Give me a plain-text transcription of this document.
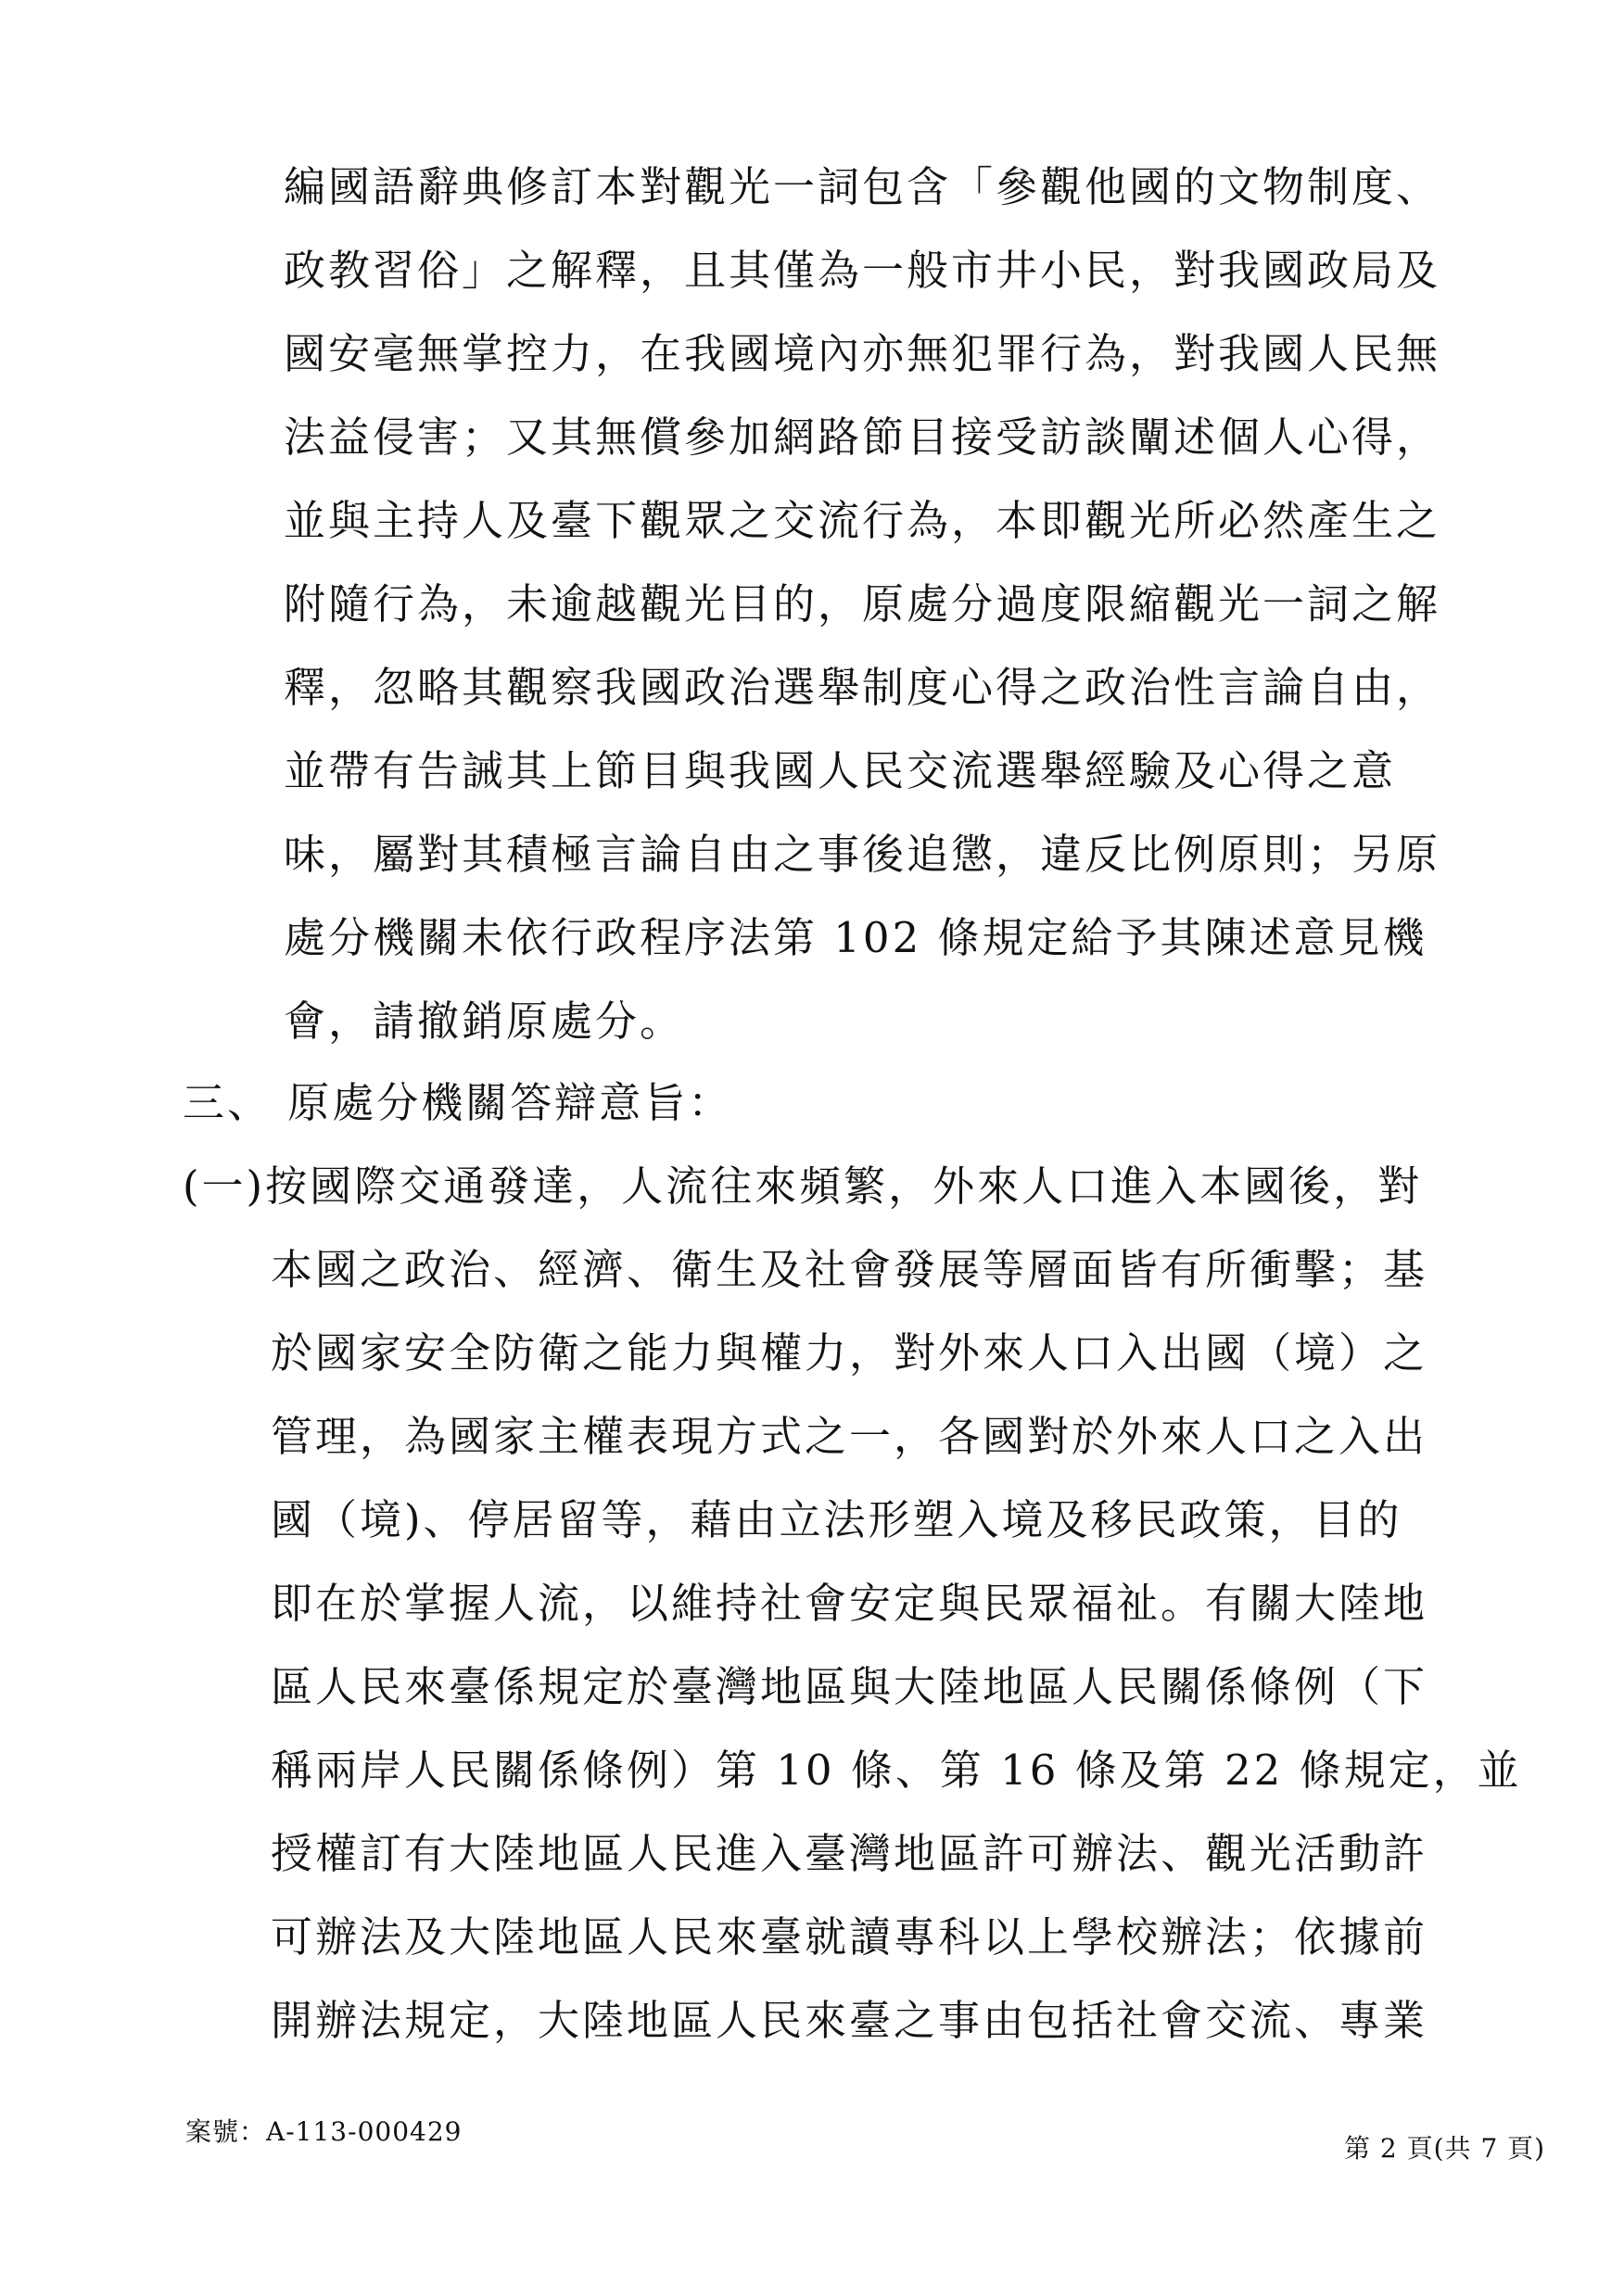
編國語辭典修訂本對觀光一詞包含「參觀他國的文物制度、
政教習俗」之解釋，且其僅為一般市井小民，對我國政局及
國安毫無掌控力，在我國境內亦無犯罪行為，對我國人民無
法益侵害；又其無償參加網路節目接受訪談闡述個人心得，
並與主持人及臺下觀眾之交流行為，本即觀光所必然產生之
附隨行為，未逾越觀光目的，原處分過度限縮觀光一詞之解
釋，忽略其觀察我國政治選舉制度心得之政治性言論自由，
並帶有告誡其上節目與我國人民交流選舉經驗及心得之意
味，屬對其積極言論自由之事後追懲，違反比例原則；另原
處分機關未依行政程序法第 102 條規定給予其陳述意見機
會，請撤銷原處分。
三、 原處分機關答辯意旨：
(一)按國際交通發達，人流往來頻繁，外來人口進入本國後，對
本國之政治、經濟、衛生及社會發展等層面皆有所衝擊；基
於國家安全防衛之能力與權力，對外來人口入出國（境）之
管理，為國家主權表現方式之一，各國對於外來人口之入出
國（境)、停居留等，藉由立法形塑入境及移民政策，目的
即在於掌握人流，以維持社會安定與民眾福祉。有關大陸地
區人民來臺係規定於臺灣地區與大陸地區人民關係條例（下
稱兩岸人民關係條例）第 10 條、第 16 條及第 22 條規定，並
授權訂有大陸地區人民進入臺灣地區許可辦法、觀光活動許
可辦法及大陸地區人民來臺就讀專科以上學校辦法；依據前
開辦法規定，大陸地區人民來臺之事由包括社會交流、專業
案號：A-113-000429
第 2 頁(共 7 頁)
